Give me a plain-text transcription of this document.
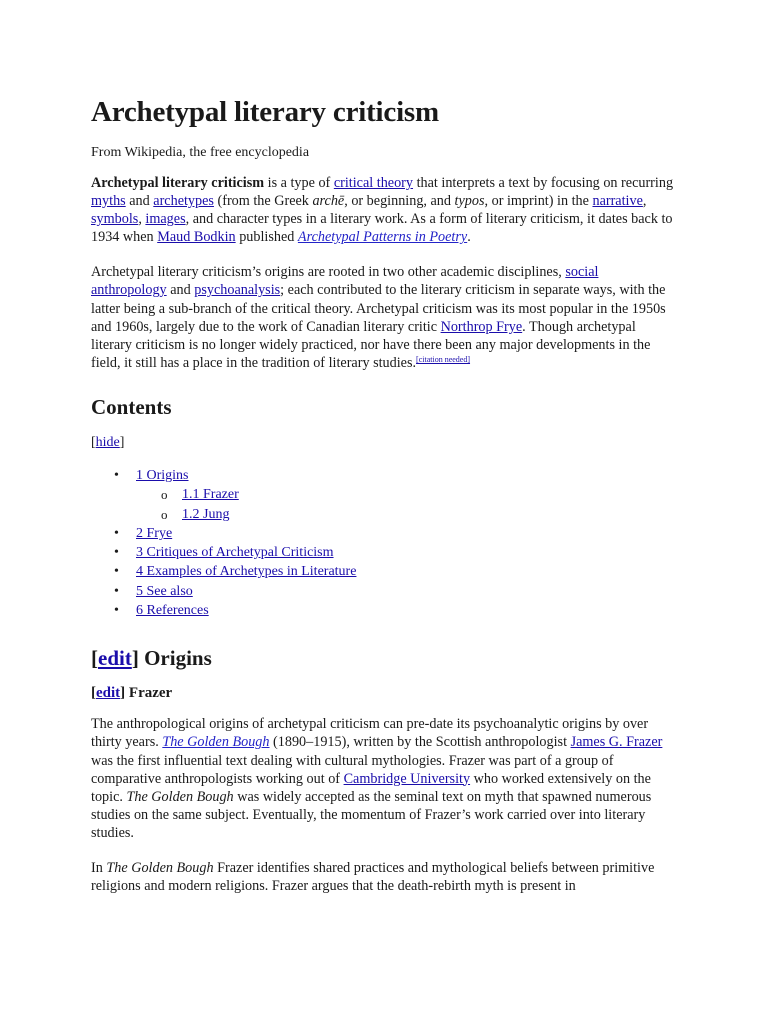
Archetypal literary criticism
From Wikipedia, the free encyclopedia

Archetypal literary criticism is a type of critical theory that interprets a text by focusing on recurring myths and archetypes (from the Greek archē, or beginning, and typos, or imprint) in the narrative, symbols, images, and character types in a literary work. As a form of literary criticism, it dates back to 1934 when Maud Bodkin published Archetypal Patterns in Poetry.

Archetypal literary criticism’s origins are rooted in two other academic disciplines, social anthropology and psychoanalysis; each contributed to the literary criticism in separate ways, with the latter being a sub-branch of the critical theory. Archetypal criticism was its most popular in the 1950s and 1960s, largely due to the work of Canadian literary critic Northrop Frye. Though archetypal literary criticism is no longer widely practiced, nor have there been any major developments in the field, it still has a place in the tradition of literary studies.[citation needed]

Contents
[hide]
• 1 Origins
o 1.1 Frazer
o 1.2 Jung
• 2 Frye
• 3 Critiques of Archetypal Criticism
• 4 Examples of Archetypes in Literature
• 5 See also
• 6 References
[edit] Origins
[edit] Frazer

The anthropological origins of archetypal criticism can pre-date its psychoanalytic origins by over thirty years. The Golden Bough (1890–1915), written by the Scottish anthropologist James G. Frazer was the first influential text dealing with cultural mythologies. Frazer was part of a group of comparative anthropologists working out of Cambridge University who worked extensively on the topic. The Golden Bough was widely accepted as the seminal text on myth that spawned numerous studies on the same subject. Eventually, the momentum of Frazer’s work carried over into literary studies.

In The Golden Bough Frazer identifies shared practices and mythological beliefs between primitive religions and modern religions. Frazer argues that the death-rebirth myth is present in
